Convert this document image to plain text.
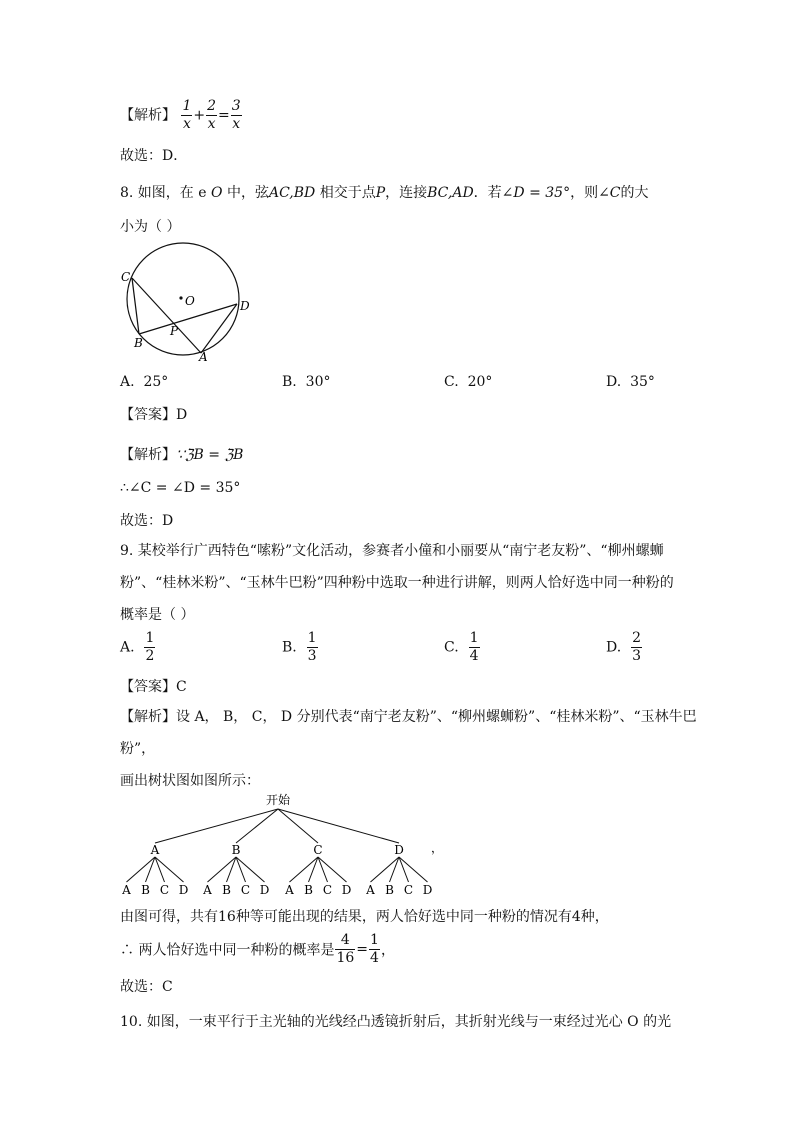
【解析】 $\frac{1}{x} + \frac{2}{x} = \frac{3}{x}$
故选：D．
8. 如图，在 e O 中，弦AC,BD 相交于点P，连接BC,AD．若∠D = 35°，则∠C的大
小为（ ）
C
O	D
P
B
A
A. 25°	B. 30°	C. 20°	D. 35°
【答案】D
【解析】∵ℨB = ℨB
∴∠C = ∠D = 35°
故选：D
9. 某校举行广西特色“嗦粉”文化活动，参赛者小僮和小丽要从“南宁老友粉”、“柳州螺蛳
粉”、“桂林米粉”、“玉林牛巴粉”四种粉中选取一种进行讲解，则两人恰好选中同一种粉的
概率是（ ）
A. $\frac{1}{2}$	B. $\frac{1}{3}$	C. $\frac{1}{4}$	D. $\frac{2}{3}$
【答案】C
【解析】设 A， B， C， D 分别代表“南宁老友粉”、“柳州螺蛳粉”、“桂林米粉”、“玉林牛巴
粉”，
画出树状图如图所示：
开始
A
A B C D
B
A B C D
C
A B C D
D
A B C D
，
由图可得，共有16种等可能出现的结果，两人恰好选中同一种粉的情况有4种，
∴ 两人恰好选中同一种粉的概率是 $\frac{4}{16} = \frac{1}{4}$ ，
故选：C
10. 如图，一束平行于主光轴的光线经凸透镜折射后，其折射光线与一束经过光心 O 的光
